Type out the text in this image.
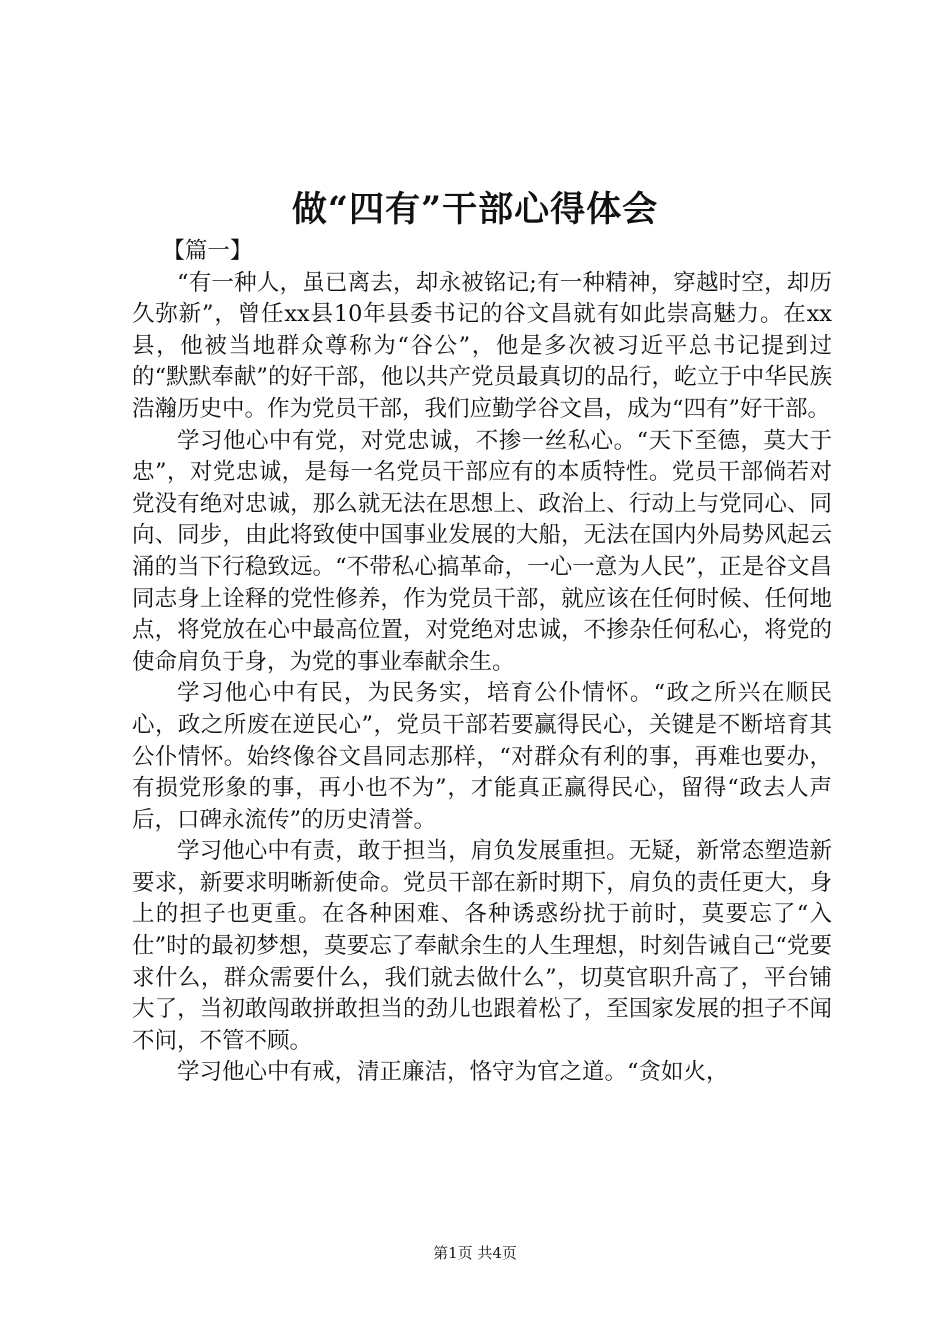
做“四有”干部心得体会

【篇一】

“有一种人，虽已离去，却永被铭记;有一种精神，穿越时空，却历久弥新”，曾任xx县10年县委书记的谷文昌就有如此崇高魅力。在xx县，他被当地群众尊称为“谷公”，他是多次被习近平总书记提到过的“默默奉献”的好干部，他以共产党员最真切的品行，屹立于中华民族浩瀚历史中。作为党员干部，我们应勤学谷文昌，成为“四有”好干部。

学习他心中有党，对党忠诚，不掺一丝私心。“天下至德，莫大于忠”，对党忠诚，是每一名党员干部应有的本质特性。党员干部倘若对党没有绝对忠诚，那么就无法在思想上、政治上、行动上与党同心、同向、同步，由此将致使中国事业发展的大船，无法在国内外局势风起云涌的当下行稳致远。“不带私心搞革命，一心一意为人民”，正是谷文昌同志身上诠释的党性修养，作为党员干部，就应该在任何时候、任何地点，将党放在心中最高位置，对党绝对忠诚，不掺杂任何私心，将党的使命肩负于身，为党的事业奉献余生。

学习他心中有民，为民务实，培育公仆情怀。“政之所兴在顺民心，政之所废在逆民心”，党员干部若要赢得民心，关键是不断培育其公仆情怀。始终像谷文昌同志那样，“对群众有利的事，再难也要办，有损党形象的事，再小也不为”，才能真正赢得民心，留得“政去人声后，口碑永流传”的历史清誉。

学习他心中有责，敢于担当，肩负发展重担。无疑，新常态塑造新要求，新要求明晰新使命。党员干部在新时期下，肩负的责任更大，身上的担子也更重。在各种困难、各种诱惑纷扰于前时，莫要忘了“入仕”时的最初梦想，莫要忘了奉献余生的人生理想，时刻告诫自己“党要求什么，群众需要什么，我们就去做什么”，切莫官职升高了，平台铺大了，当初敢闯敢拼敢担当的劲儿也跟着松了，至国家发展的担子不闻不问，不管不顾。

学习他心中有戒，清正廉洁，恪守为官之道。“贪如火，

第1页 共4页
